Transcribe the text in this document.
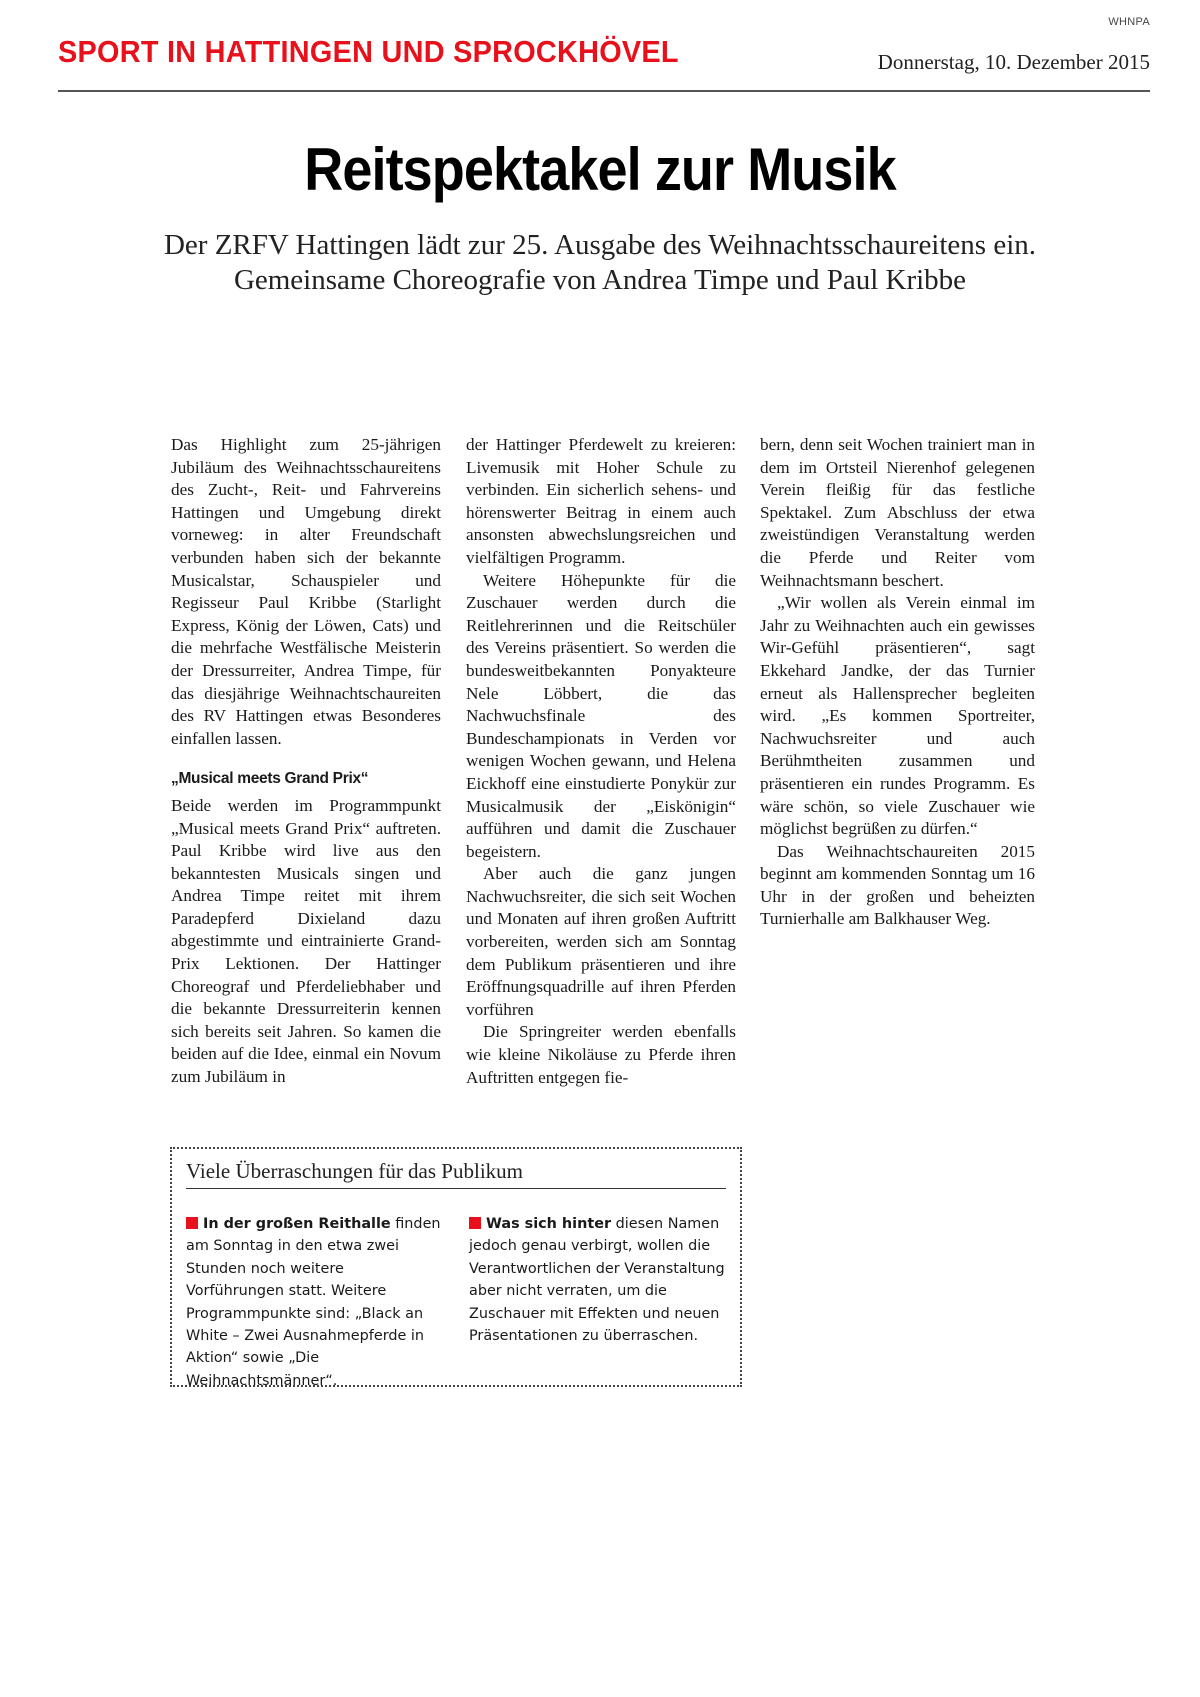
WHNPA
SPORT IN HATTINGEN UND SPROCKHÖVEL	Donnerstag, 10. Dezember 2015
Reitspektakel zur Musik
Der ZRFV Hattingen lädt zur 25. Ausgabe des Weihnachtsschaureitens ein.
Gemeinsame Choreografie von Andrea Timpe und Paul Kribbe

Das Highlight zum 25-jährigen Jubiläum des Weihnachtsschaureitens des Zucht-, Reit- und Fahrvereins Hattingen und Umgebung direkt vorneweg: in alter Freundschaft verbunden haben sich der bekannte Musicalstar, Schauspieler und Regisseur Paul Kribbe (Starlight Express, König der Löwen, Cats) und die mehrfache Westfälische Meisterin der Dressurreiter, Andrea Timpe, für das diesjährige Weihnachtschaureiten des RV Hattingen etwas Besonderes einfallen lassen.

„Musical meets Grand Prix“

Beide werden im Programmpunkt „Musical meets Grand Prix“ auftreten. Paul Kribbe wird live aus den bekanntesten Musicals singen und Andrea Timpe reitet mit ihrem Paradepferd Dixieland dazu abgestimmte und eintrainierte Grand-Prix Lektionen. Der Hattinger Choreograf und Pferdeliebhaber und die bekannte Dressurreiterin kennen sich bereits seit Jahren. So kamen die beiden auf die Idee, einmal ein Novum zum Jubiläum in

der Hattinger Pferdewelt zu kreieren: Livemusik mit Hoher Schule zu verbinden. Ein sicherlich sehens- und hörenswerter Beitrag in einem auch ansonsten abwechslungsreichen und vielfältigen Programm.

Weitere Höhepunkte für die Zuschauer werden durch die Reitlehrerinnen und die Reitschüler des Vereins präsentiert. So werden die bundesweitbekannten Ponyakteure Nele Löbbert, die das Nachwuchsfinale des Bundeschampionats in Verden vor wenigen Wochen gewann, und Helena Eickhoff eine einstudierte Ponykür zur Musicalmusik der „Eiskönigin“ aufführen und damit die Zuschauer begeistern.

Aber auch die ganz jungen Nachwuchsreiter, die sich seit Wochen und Monaten auf ihren großen Auftritt vorbereiten, werden sich am Sonntag dem Publikum präsentieren und ihre Eröffnungsquadrille auf ihren Pferden vorführen

Die Springreiter werden ebenfalls wie kleine Nikoläuse zu Pferde ihren Auftritten entgegen fie-

bern, denn seit Wochen trainiert man in dem im Ortsteil Nierenhof gelegenen Verein fleißig für das festliche Spektakel. Zum Abschluss der etwa zweistündigen Veranstaltung werden die Pferde und Reiter vom Weihnachtsmann beschert.

„Wir wollen als Verein einmal im Jahr zu Weihnachten auch ein gewisses Wir-Gefühl präsentieren“, sagt Ekkehard Jandke, der das Turnier erneut als Hallensprecher begleiten wird. „Es kommen Sportreiter, Nachwuchsreiter und auch Berühmtheiten zusammen und präsentieren ein rundes Programm. Es wäre schön, so viele Zuschauer wie möglichst begrüßen zu dürfen.“

Das Weihnachtschaureiten 2015 beginnt am kommenden Sonntag um 16 Uhr in der großen und beheizten Turnierhalle am Balkhauser Weg.

Viele Überraschungen für das Publikum
In der großen Reithalle finden am Sonntag in den etwa zwei Stunden noch weitere Vorführungen statt. Weitere Programmpunkte sind: „Black an White – Zwei Ausnahmepferde in Aktion“ sowie „Die Weihnachtsmänner“.
Was sich hinter diesen Namen jedoch genau verbirgt, wollen die Verantwortlichen der Veranstaltung aber nicht verraten, um die Zuschauer mit Effekten und neuen Präsentationen zu überraschen.
